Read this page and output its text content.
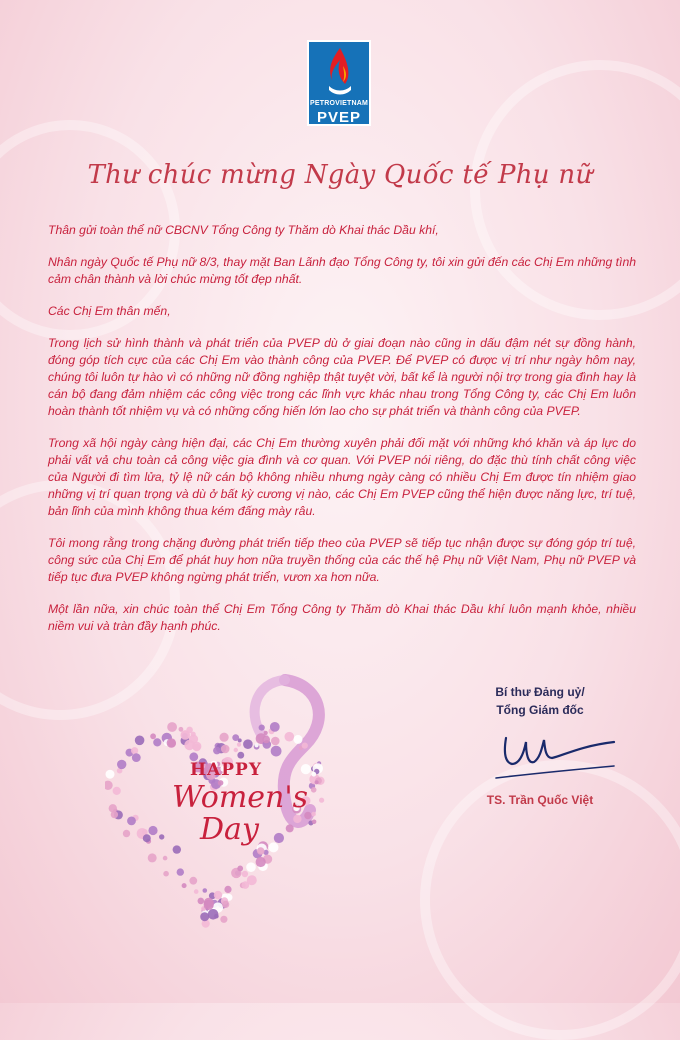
PETROVIETNAM
PVEP
Thư chúc mừng Ngày Quốc tế Phụ nữ

Thân gửi toàn thể nữ CBCNV Tổng Công ty Thăm dò Khai thác Dầu khí,

Nhân ngày Quốc tế Phụ nữ 8/3, thay mặt Ban Lãnh đạo Tổng Công ty, tôi xin gửi đến các Chị Em những tình cảm chân thành và lời chúc mừng tốt đẹp nhất.

Các Chị Em thân mến,

Trong lịch sử hình thành và phát triển của PVEP dù ở giai đoạn nào cũng in dấu đậm nét sự đồng hành, đóng góp tích cực của các Chị Em vào thành công của PVEP. Để PVEP có được vị trí như ngày hôm nay, chúng tôi luôn tự hào vì có những nữ đồng nghiệp thật tuyệt vời, bất kể là người nội trợ trong gia đình hay là cán bộ đang đảm nhiệm các công việc trong các lĩnh vực khác nhau trong Tổng Công ty, các Chị Em luôn hoàn thành tốt nhiệm vụ và có những cống hiến lớn lao cho sự phát triển và thành công của PVEP.

Trong xã hội ngày càng hiện đại, các Chị Em thường xuyên phải đối mặt với những khó khăn và áp lực do phải vất vả chu toàn cả công việc gia đình và cơ quan. Với PVEP nói riêng, do đặc thù tính chất công việc của Người đi tìm lửa, tỷ lệ nữ cán bộ không nhiều nhưng ngày càng có nhiều Chị Em được tín nhiệm giao những vị trí quan trọng và dù ở bất kỳ cương vị nào, các Chị Em PVEP cũng thể hiện được năng lực, trí tuệ, bản lĩnh của mình không thua kém đấng mày râu.

Tôi mong rằng trong chặng đường phát triển tiếp theo của PVEP sẽ tiếp tục nhận được sự đóng góp trí tuệ, công sức của Chị Em để phát huy hơn nữa truyền thống của các thế hệ Phụ nữ Việt Nam, Phụ nữ PVEP và tiếp tục đưa PVEP không ngừng phát triển, vươn xa hơn nữa.

Một lần nữa, xin chúc toàn thể Chị Em Tổng Công ty Thăm dò Khai thác Dầu khí luôn mạnh khỏe, nhiều niềm vui và tràn đầy hạnh phúc.

HAPPY
Women's
Day
Bí thư Đảng uỷ/
Tổng Giám đốc
TS. Trần Quốc Việt
